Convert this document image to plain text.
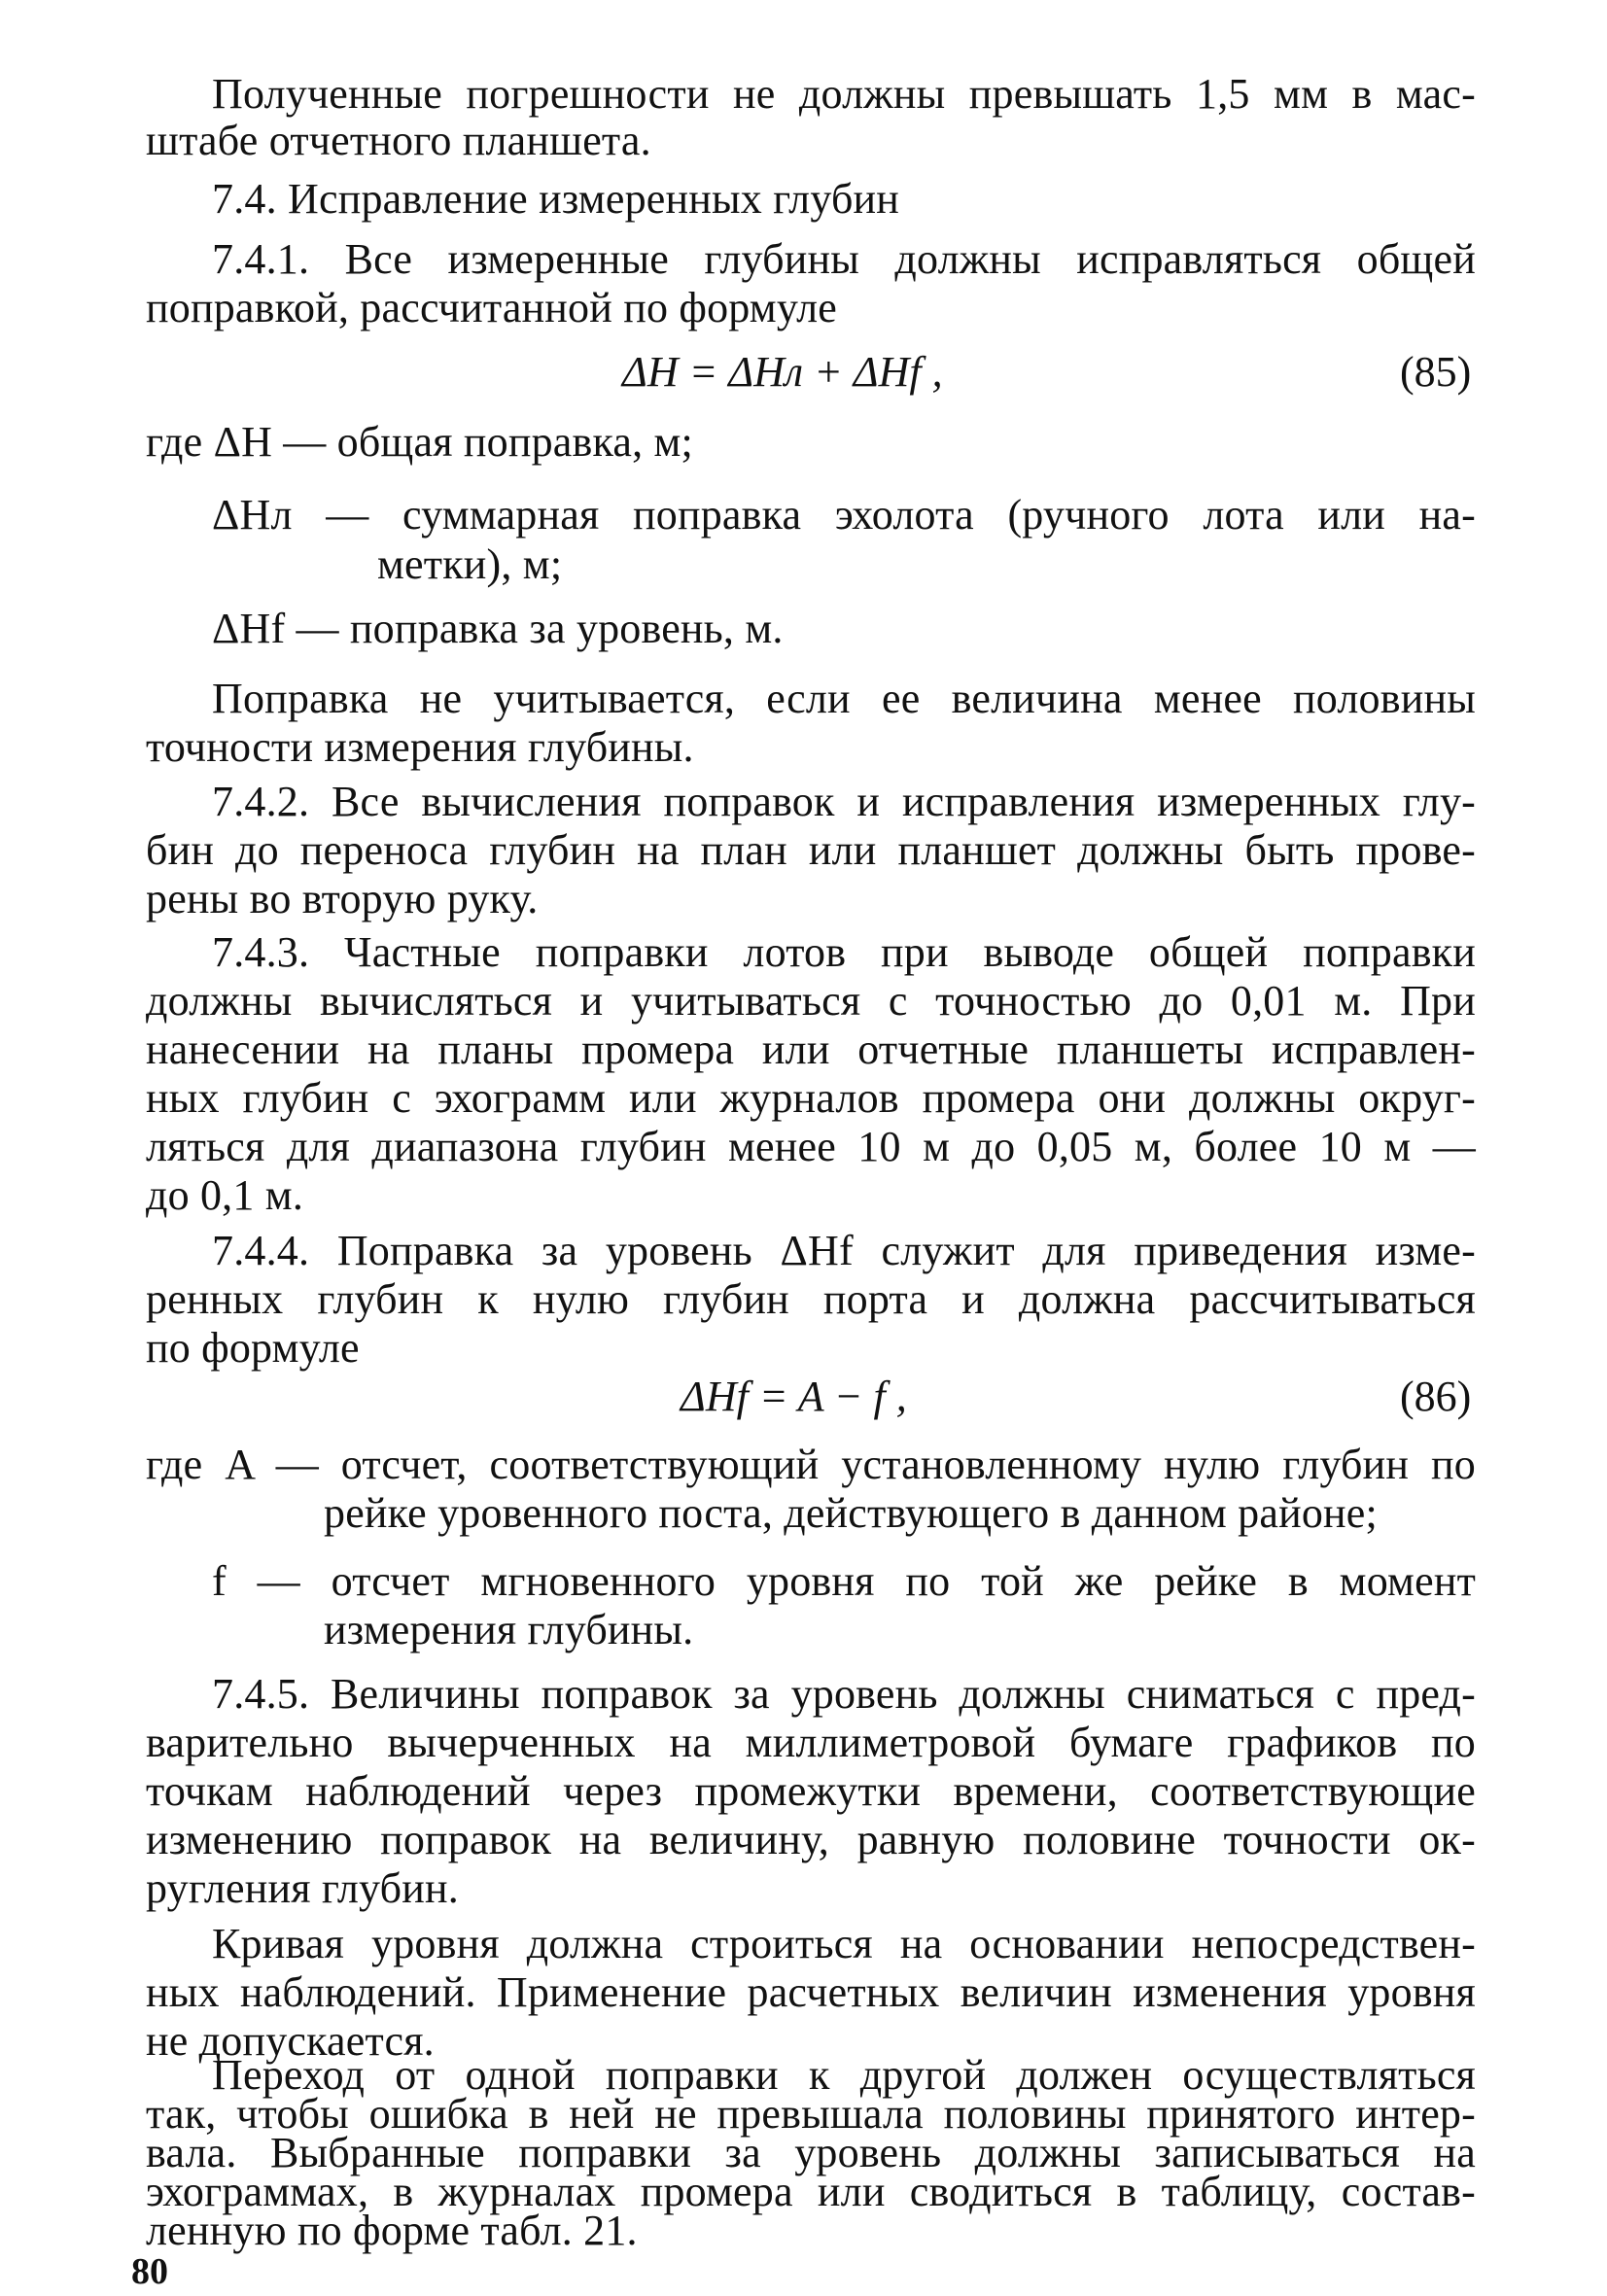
Полученные погрешности не должны превышать 1,5 мм в мас-
штабе отчетного планшета.
7.4. Исправление измеренных глубин
7.4.1. Все измеренные глубины должны исправляться общей
поправкой, рассчитанной по формуле
ΔH = ΔHл + ΔHf ,	(85)
где ΔH — общая поправка, м;
ΔHл — суммарная поправка эхолота (ручного лота или на-
метки), м;
ΔHf — поправка за уровень, м.
Поправка не учитывается, если ее величина менее половины
точности измерения глубины.
7.4.2. Все вычисления поправок и исправления измеренных глу-
бин до переноса глубин на план или планшет должны быть прове-
рены во вторую руку.
7.4.3. Частные поправки лотов при выводе общей поправки
должны вычисляться и учитываться с точностью до 0,01 м. При
нанесении на планы промера или отчетные планшеты исправлен-
ных глубин с эхограмм или журналов промера они должны округ-
ляться для диапазона глубин менее 10 м до 0,05 м, более 10 м —
до 0,1 м.
7.4.4. Поправка за уровень ΔHf служит для приведения изме-
ренных глубин к нулю глубин порта и должна рассчитываться
по формуле
ΔHf = A − f ,	(86)
где A — отсчет, соответствующий установленному нулю глубин по
рейке уровенного поста, действующего в данном районе;
f — отсчет мгновенного уровня по той же рейке в момент
измерения глубины.
7.4.5. Величины поправок за уровень должны сниматься с пред-
варительно вычерченных на миллиметровой бумаге графиков по
точкам наблюдений через промежутки времени, соответствующие
изменению поправок на величину, равную половине точности ок-
ругления глубин.
Кривая уровня должна строиться на основании непосредствен-
ных наблюдений. Применение расчетных величин изменения уровня
не допускается.
Переход от одной поправки к другой должен осуществляться
так, чтобы ошибка в ней не превышала половины принятого интер-
вала. Выбранные поправки за уровень должны записываться на
80
эхограммах, в журналах промера или сводиться в таблицу, состав-
ленную по форме табл. 21.
